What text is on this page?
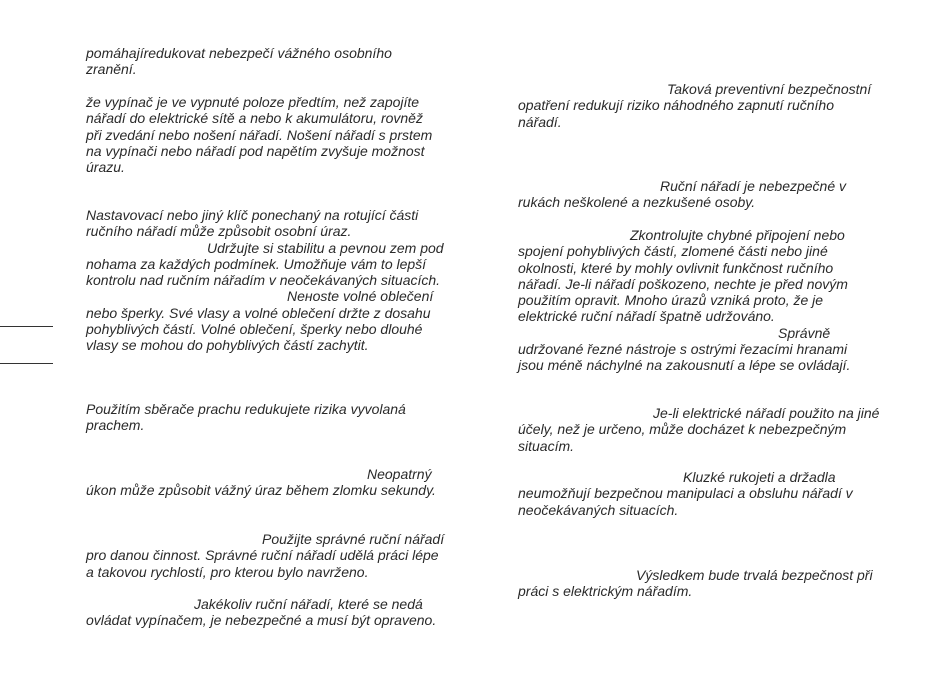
pomáhajíredukovat nebezpečí vážného osobního
zranění.

že vypínač je ve vypnuté poloze předtím, než zapojíte
nářadí do elektrické sítě a nebo k akumulátoru, rovněž
při zvedání nebo nošení nářadí. Nošení nářadí s prstem
na vypínači nebo nářadí pod napětím zvyšuje možnost
úrazu.

Nastavovací nebo jiný klíč ponechaný na rotující části
ručního nářadí může způsobit osobní úraz.
Udržujte si stabilitu a pevnou zem pod
nohama za každých podmínek. Umožňuje vám to lepší
kontrolu nad ručním nářadím v neočekávaných situacích.
Neноste volné oblečení
nebo šperky. Své vlasy a volné oblečení držte z dosahu
pohyblivých částí. Volné oblečení, šperky nebo dlouhé
vlasy se mohou do pohyblivých částí zachytit.

Použitím sběrače prachu redukujete rizika vyvolaná
prachem.

Neopatrný
úkon může způsobit vážný úraz během zlomku sekundy.

Použijte správné ruční nářadí
pro danou činnost. Správné ruční nářadí udělá práci lépe
a takovou rychlostí, pro kterou bylo navrženo.

Jakékoliv ruční nářadí, které se nedá
ovládat vypínačem, je nebezpečné a musí být opraveno.

Taková preventivní bezpečnostní
opatření redukují riziko náhodného zapnutí ručního
nářadí.

Ruční nářadí je nebezpečné v
rukách neškolené a nezkušené osoby.

Zkontrolujte chybné připojení nebo
spojení pohyblivých částí, zlomené části nebo jiné
okolnosti, které by mohly ovlivnit funkčnost ručního
nářadí. Je-li nářadí poškozeno, nechte je před novým
použitím opravit. Mnoho úrazů vzniká proto, že je
elektrické ruční nářadí špatně udržováno.
Správně
udržované řezné nástroje s ostrými řezacími hranami
jsou méně náchylné na zakousnutí a lépe se ovládají.

Je-li elektrické nářadí použito na jiné
účely, než je určeno, může docházet k nebezpečným
situacím.

Kluzké rukojeti a držadla
neumožňují bezpečnou manipulaci a obsluhu nářadí v
neočekávaných situacích.

Výsledkem bude trvalá bezpečnost při
práci s elektrickým nářadím.
